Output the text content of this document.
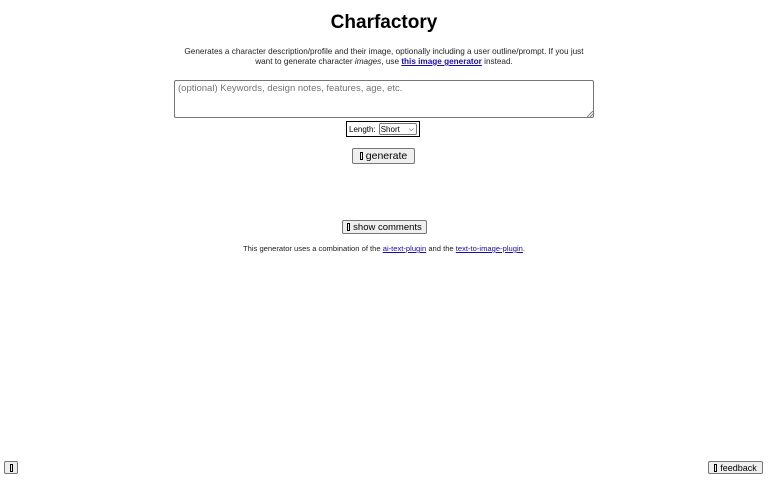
Charfactory
Generates a character description/profile and their image, optionally including a user outline/prompt. If you just want to generate character images, use this image generator instead.
(optional) Keywords, design notes, features, age, etc.
Length: Short ⌵
generate
show comments
This generator uses a combination of the ai-text-plugin and the text-to-image-plugin.
feedback
